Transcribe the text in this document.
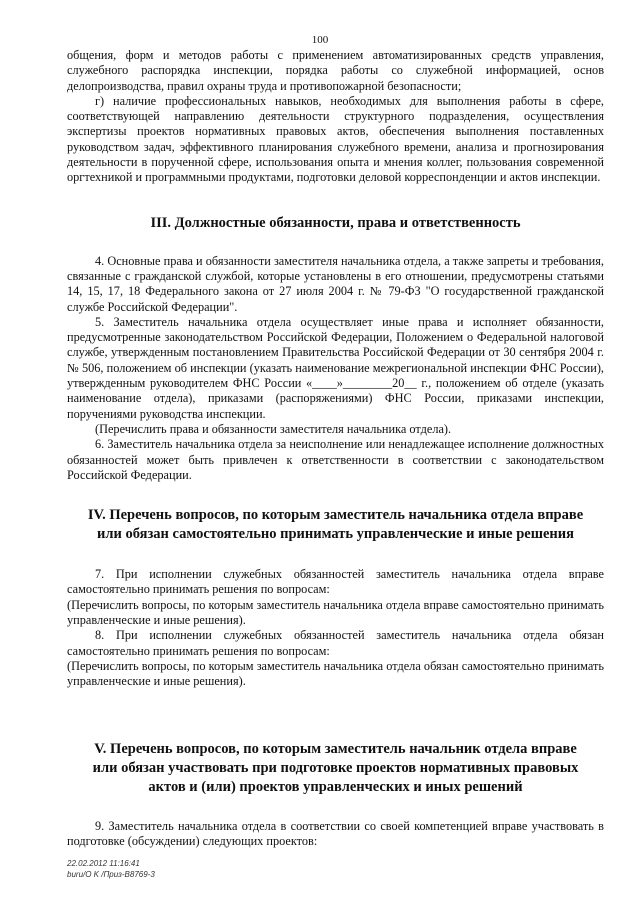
100

общения, форм и методов работы с применением автоматизированных средств управления, служебного распорядка инспекции, порядка работы со служебной информацией, основ делопроизводства, правил охраны труда и противопожарной безопасности;

г) наличие профессиональных навыков, необходимых для выполнения работы в сфере, соответствующей направлению деятельности структурного подразделения, осуществления экспертизы проектов нормативных правовых актов, обеспечения выполнения поставленных руководством задач, эффективного планирования служебного времени, анализа и прогнозирования деятельности в порученной сфере, использования опыта и мнения коллег, пользования современной оргтехникой и программными продуктами, подготовки деловой корреспонденции и актов инспекции.

III. Должностные обязанности, права и ответственность

4. Основные права и обязанности заместителя начальника отдела, а также запреты и требования, связанные с гражданской службой, которые установлены в его отношении, предусмотрены статьями 14, 15, 17, 18 Федерального закона от 27 июля 2004 г. № 79-ФЗ "О государственной гражданской службе Российской Федерации".

5. Заместитель начальника отдела осуществляет иные права и исполняет обязанности, предусмотренные законодательством Российской Федерации, Положением о Федеральной налоговой службе, утвержденным постановлением Правительства Российской Федерации от 30 сентября 2004 г. № 506, положением об инспекции (указать наименование межрегиональной инспекции ФНС России), утвержденным руководителем ФНС России «____»________20__ г., положением об отделе (указать наименование отдела), приказами (распоряжениями) ФНС России, приказами инспекции, поручениями руководства инспекции.

(Перечислить права и обязанности заместителя начальника отдела).

6. Заместитель начальника отдела за неисполнение или ненадлежащее исполнение должностных обязанностей может быть привлечен к ответственности в соответствии с законодательством Российской Федерации.

IV. Перечень вопросов, по которым заместитель начальника отдела вправе
или обязан самостоятельно принимать управленческие и иные решения

7. При исполнении служебных обязанностей заместитель начальника отдела вправе самостоятельно принимать решения по вопросам:

(Перечислить вопросы, по которым заместитель начальника отдела вправе самостоятельно принимать управленческие и иные решения).

8. При исполнении служебных обязанностей заместитель начальника отдела обязан самостоятельно принимать решения по вопросам:

(Перечислить вопросы, по которым заместитель начальника отдела обязан самостоятельно принимать управленческие и иные решения).

V. Перечень вопросов, по которым заместитель начальник отдела вправе
или обязан участвовать при подготовке проектов нормативных правовых
актов и (или) проектов управленческих и иных решений

9. Заместитель начальника отдела в соответствии со своей компетенцией вправе участвовать в подготовке (обсуждении) следующих проектов:

22.02.2012 11:16:41
buru/O K /Приз-B8769-3
